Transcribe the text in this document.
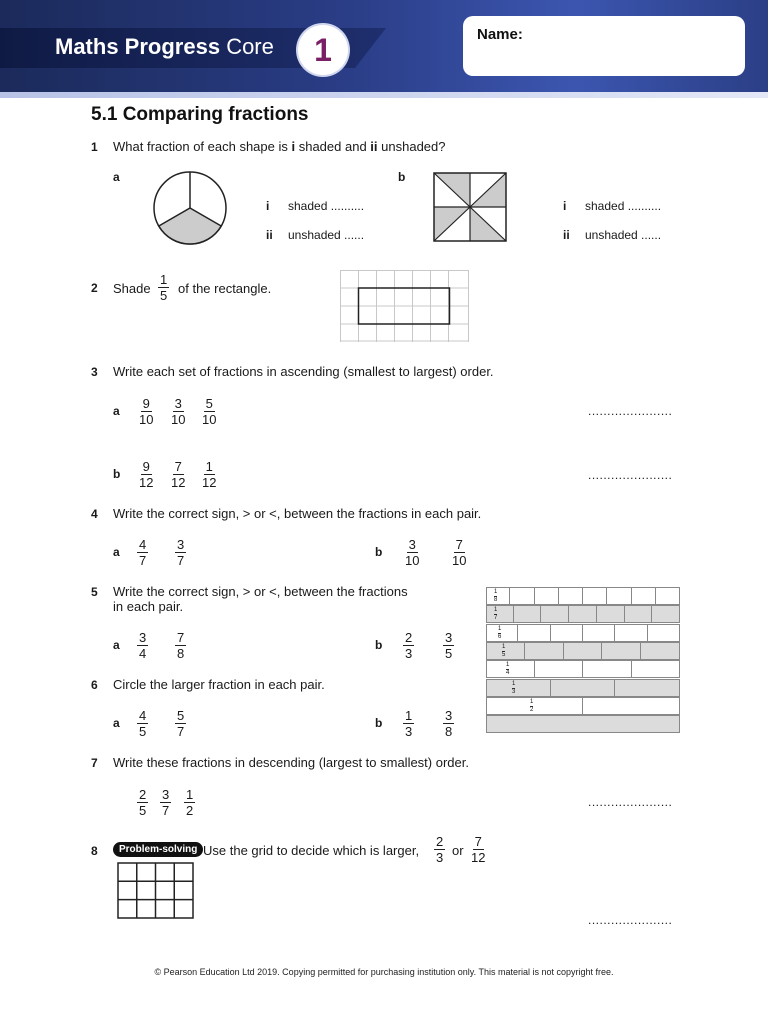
Maths Progress Core	1	Name:
5.1 Comparing fractions
1 What fraction of each shape is i shaded and ii unshaded?
a
i shaded ..........
ii unshaded ......
b
i shaded ..........
ii unshaded ......
2 Shade $\frac{1}{5}$ of the rectangle.
3 Write each set of fractions in ascending (smallest to largest) order.
a $\frac{9}{10} \frac{3}{10} \frac{5}{10}$	......................
b $\frac{9}{12} \frac{7}{12} \frac{1}{12}$	......................
4 Write the correct sign, > or <, between the fractions in each pair.
a $\frac{4}{7} \frac{3}{7}$	b $\frac{3}{10} \frac{7}{10}$
5 Write the correct sign, > or <, between the fractions
in each pair.
a $\frac{3}{4} \frac{7}{8}$	b $\frac{2}{3} \frac{3}{5}$
1
8
1
7
1
6
1
5
1
4
1
3
1
2
6 Circle the larger fraction in each pair.
a $\frac{4}{5} \frac{5}{7}$	b $\frac{1}{3} \frac{3}{8}$
7 Write these fractions in descending (largest to smallest) order.
$\frac{2}{5} \frac{3}{7} \frac{1}{2}$	......................
8	Problem-solving Use the grid to decide which is larger, $\frac{2}{3}$ or $\frac{7}{12}$
......................
© Pearson Education Ltd 2019. Copying permitted for purchasing institution only. This material is not copyright free.
